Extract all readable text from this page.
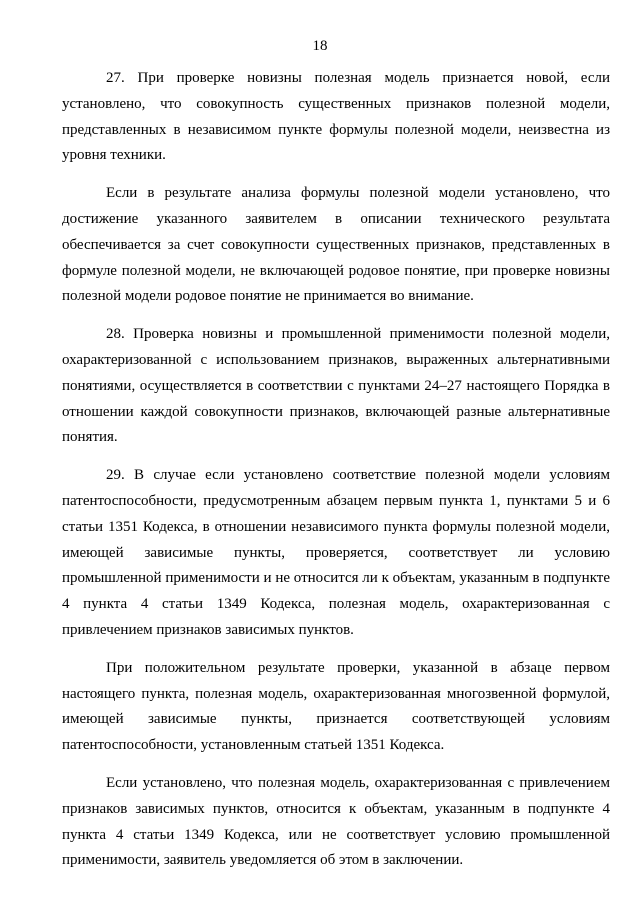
18

27. При проверке новизны полезная модель признается новой, если установлено, что совокупность существенных признаков полезной модели, представленных в независимом пункте формулы полезной модели, неизвестна из уровня техники.

Если в результате анализа формулы полезной модели установлено, что достижение указанного заявителем в описании технического результата обеспечивается за счет совокупности существенных признаков, представленных в формуле полезной модели, не включающей родовое понятие, при проверке новизны полезной модели родовое понятие не принимается во внимание.

28. Проверка новизны и промышленной применимости полезной модели, охарактеризованной с использованием признаков, выраженных альтернативными понятиями, осуществляется в соответствии с пунктами 24–27 настоящего Порядка в отношении каждой совокупности признаков, включающей разные альтернативные понятия.

29. В случае если установлено соответствие полезной модели условиям патентоспособности, предусмотренным абзацем первым пункта 1, пунктами 5 и 6 статьи 1351 Кодекса, в отношении независимого пункта формулы полезной модели, имеющей зависимые пункты, проверяется, соответствует ли условию промышленной применимости и не относится ли к объектам, указанным в подпункте 4 пункта 4 статьи 1349 Кодекса, полезная модель, охарактеризованная с привлечением признаков зависимых пунктов.

При положительном результате проверки, указанной в абзаце первом настоящего пункта, полезная модель, охарактеризованная многозвенной формулой, имеющей зависимые пункты, признается соответствующей условиям патентоспособности, установленным статьей 1351 Кодекса.

Если установлено, что полезная модель, охарактеризованная с привлечением признаков зависимых пунктов, относится к объектам, указанным в подпункте 4 пункта 4 статьи 1349 Кодекса, или не соответствует условию промышленной применимости, заявитель уведомляется об этом в заключении.
